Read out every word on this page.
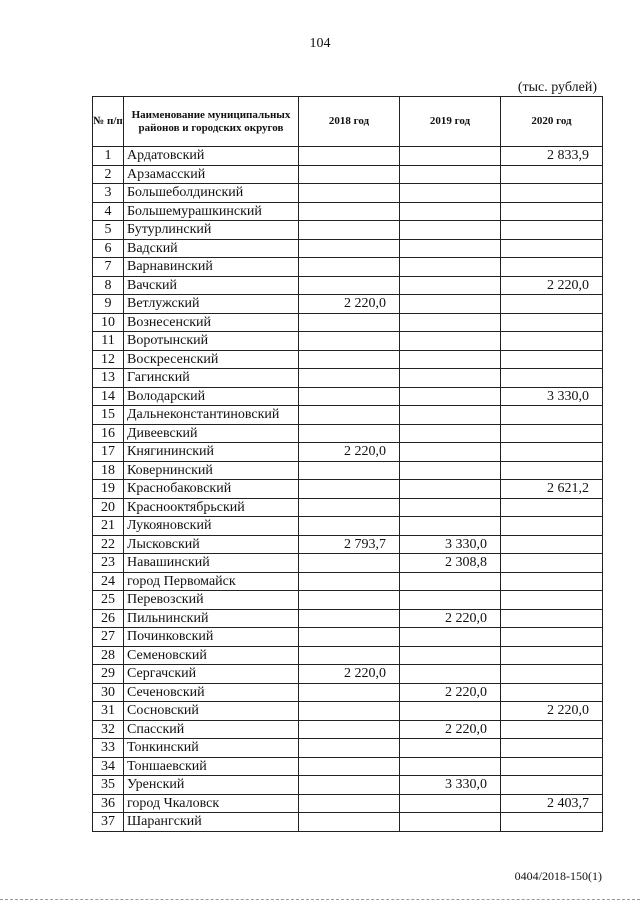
104
(тыс. рублей)
№ п/п	Наименование муниципальных районов и городских округов	2018 год	2019 год	2020 год
1	Ардатовский			2 833,9
2	Арзамасский			
3	Большеболдинский			
4	Большемурашкинский			
5	Бутурлинский			
6	Вадский			
7	Варнавинский			
8	Вачский			2 220,0
9	Ветлужский	2 220,0		
10	Вознесенский			
11	Воротынский			
12	Воскресенский			
13	Гагинский			
14	Володарский			3 330,0
15	Дальнеконстантиновский			
16	Дивеевский			
17	Княгининский	2 220,0		
18	Ковернинский			
19	Краснобаковский			2 621,2
20	Краснооктябрьский			
21	Лукояновский			
22	Лысковский	2 793,7	3 330,0	
23	Навашинский		2 308,8	
24	город Первомайск			
25	Перевозский			
26	Пильнинский		2 220,0	
27	Починковский			
28	Семеновский			
29	Сергачский	2 220,0		
30	Сеченовский		2 220,0	
31	Сосновский			2 220,0
32	Спасский		2 220,0	
33	Тонкинский			
34	Тоншаевский			
35	Уренский		3 330,0	
36	город Чкаловск			2 403,7
37	Шарангский			
0404/2018-150(1)
